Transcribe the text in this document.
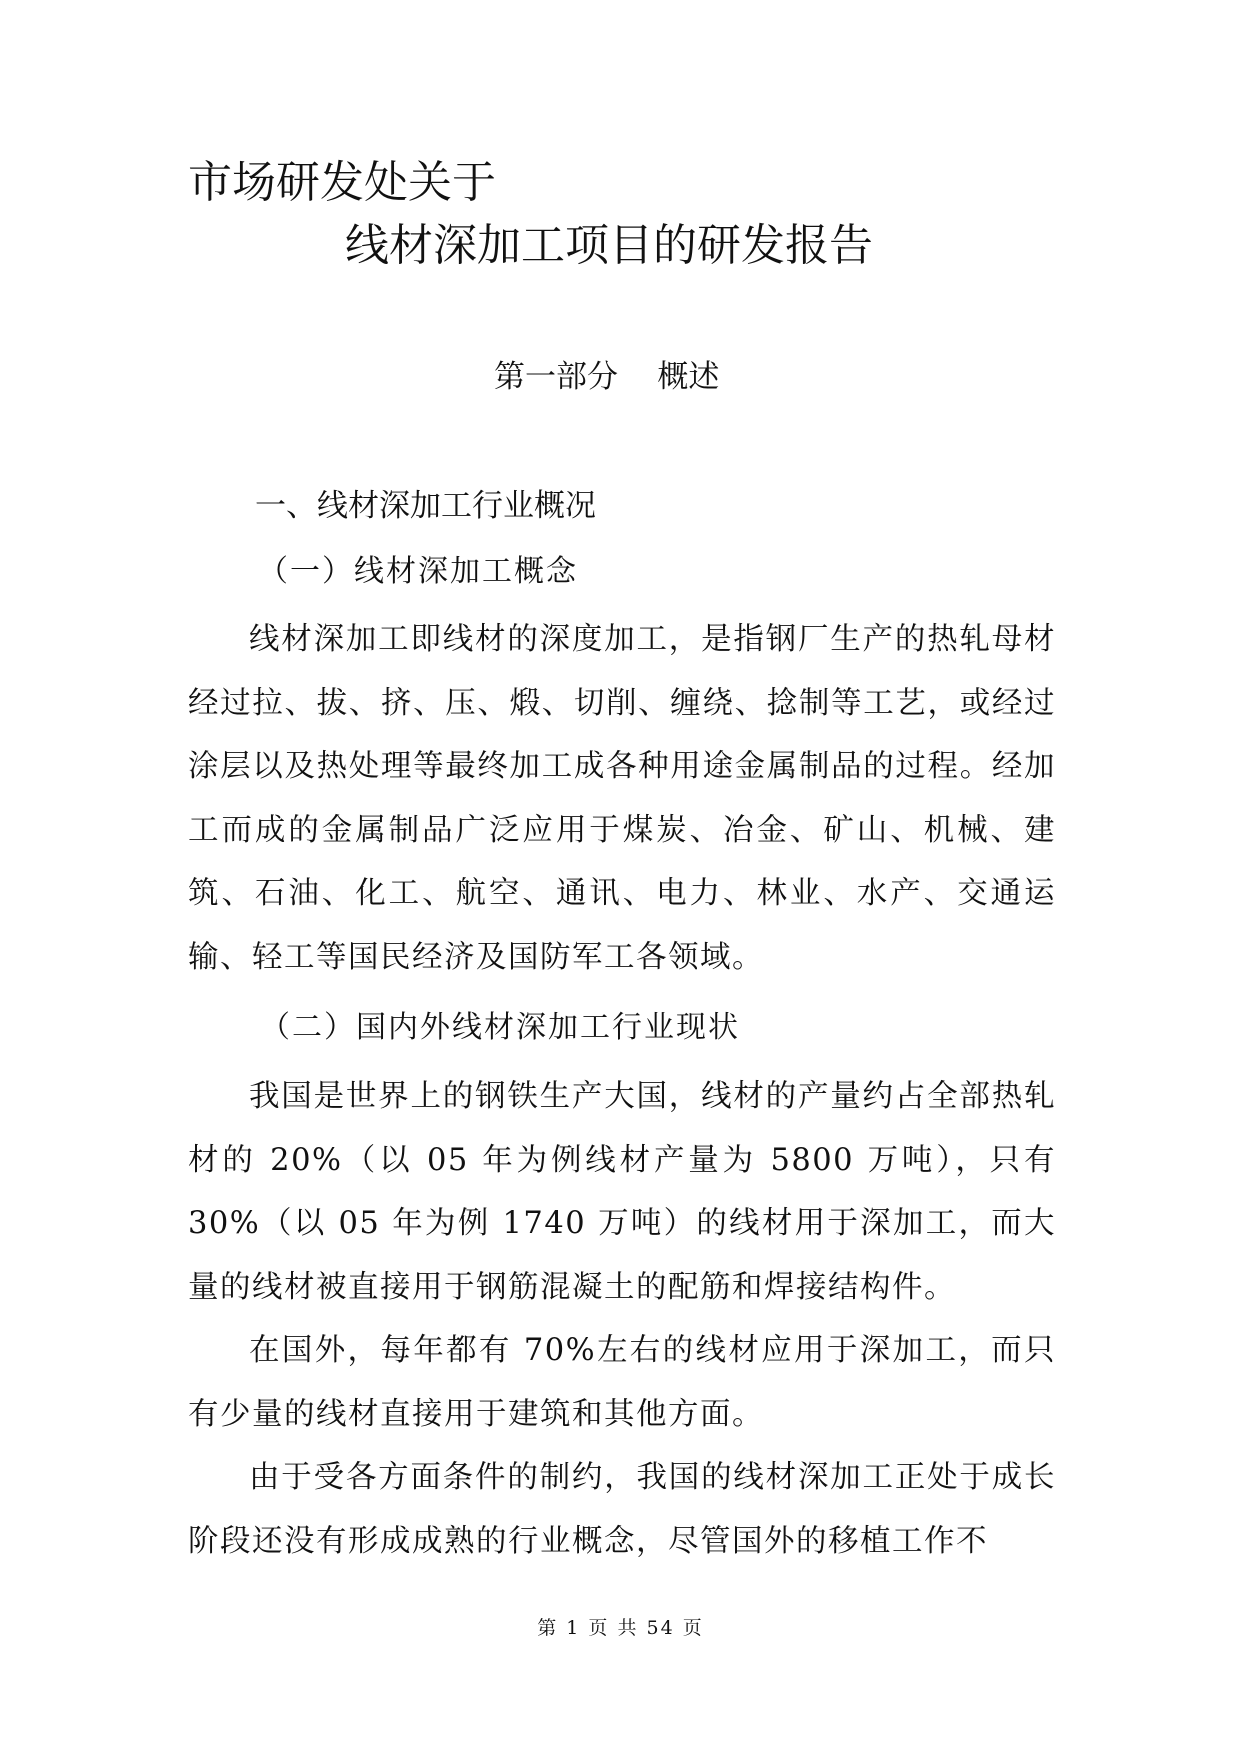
市场研发处关于
线材深加工项目的研发报告
第一部分    概述
一、线材深加工行业概况
（一）线材深加工概念
线材深加工即线材的深度加工，是指钢厂生产的热轧母材经过拉、拔、挤、压、煅、切削、缠绕、捻制等工艺，或经过涂层以及热处理等最终加工成各种用途金属制品的过程。经加工而成的金属制品广泛应用于煤炭、冶金、矿山、机械、建筑、石油、化工、航空、通讯、电力、林业、水产、交通运输、轻工等国民经济及国防军工各领域。
（二）国内外线材深加工行业现状
我国是世界上的钢铁生产大国，线材的产量约占全部热轧材的 20%（以 05 年为例线材产量为 5800 万吨），只有 30%（以 05 年为例 1740 万吨）的线材用于深加工，而大量的线材被直接用于钢筋混凝土的配筋和焊接结构件。
在国外，每年都有 70%左右的线材应用于深加工，而只有少量的线材直接用于建筑和其他方面。
由于受各方面条件的制约，我国的线材深加工正处于成长阶段还没有形成成熟的行业概念，尽管国外的移植工作不
第 1 页 共 54 页
